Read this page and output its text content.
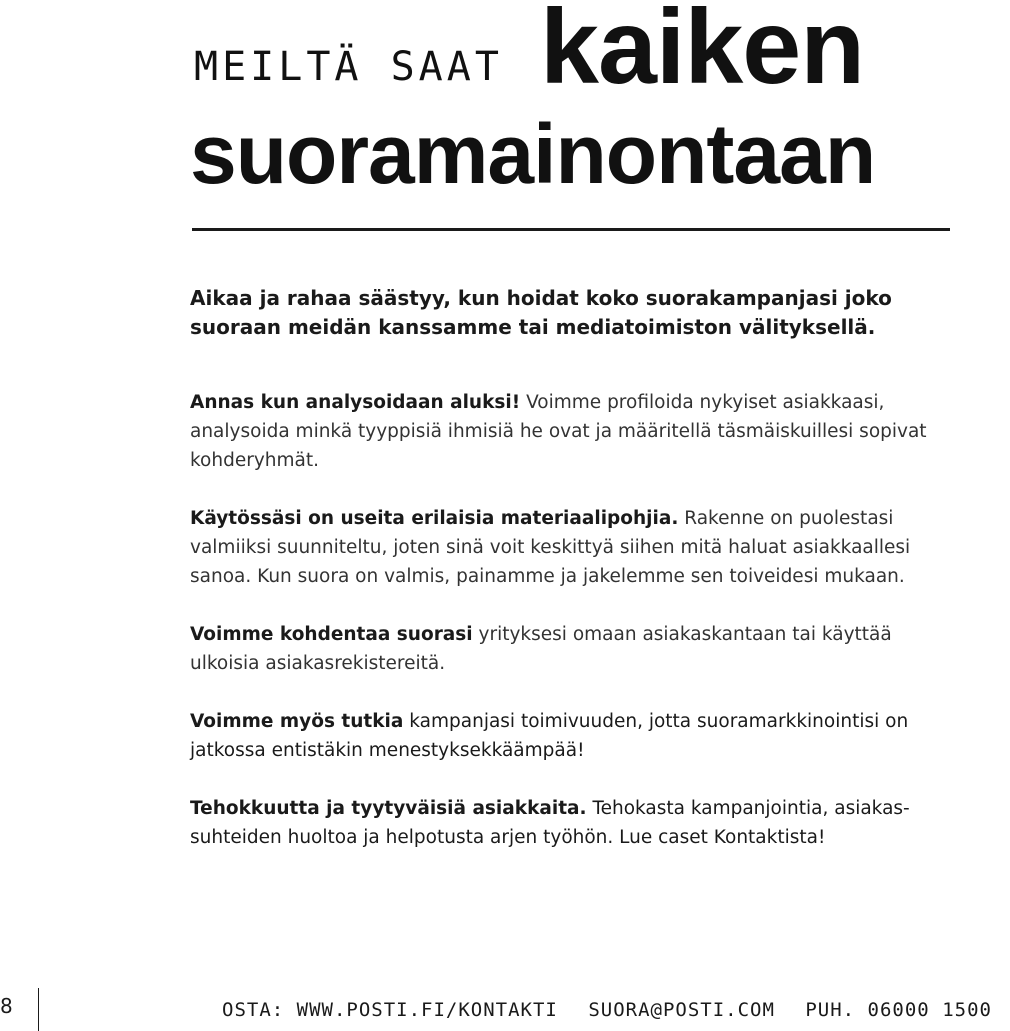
MEILTÄ SAAT kaiken
suoramainontaan

Aikaa ja rahaa säästyy, kun hoidat koko suorakampanjasi joko suoraan meidän kanssamme tai mediatoimiston välityksellä.

Annas kun analysoidaan aluksi! Voimme profiloida nykyiset asiakkaasi, analysoida minkä tyyppisiä ihmisiä he ovat ja määritellä täsmäiskuillesi sopivat kohderyhmät.

Käytössäsi on useita erilaisia materiaalipohjia. Rakenne on puolestasi valmiiksi suunniteltu, joten sinä voit keskittyä siihen mitä haluat asiakkaallesi sanoa. Kun suora on valmis, painamme ja jakelemme sen toiveidesi mukaan.

Voimme kohdentaa suorasi yrityksesi omaan asiakaskantaan tai käyttää ulkoisia asiakasrekistereitä.

Voimme myös tutkia kampanjasi toimivuuden, jotta suoramarkkinointisi on jatkossa entistäkin menestyksekkäämpää!

Tehokkuutta ja tyytyväisiä asiakkaita. Tehokasta kampanjointia, asiakas-suhteiden huoltoa ja helpotusta arjen työhön. Lue caset Kontaktista!

8	OSTA: WWW.POSTI.FI/KONTAKTI SUORA@POSTI.COM PUH. 06000 1500
